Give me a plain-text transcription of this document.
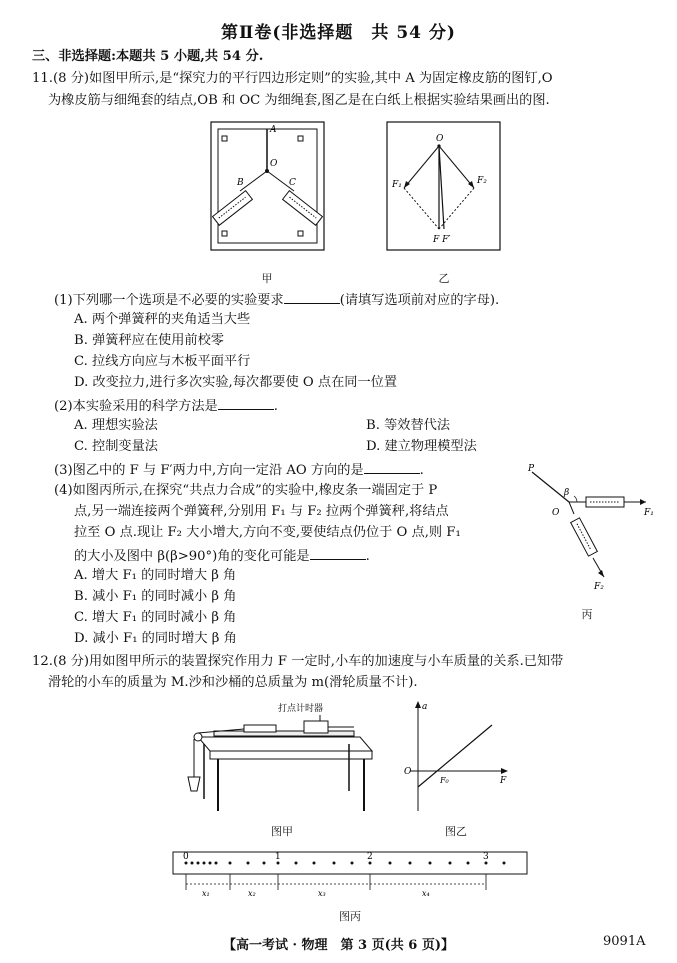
第Ⅱ卷(非选择题　共 54 分)
三、非选择题:本题共 5 小题,共 54 分.
11.(8 分)如图甲所示,是“探究力的平行四边形定则”的实验,其中 A 为固定橡皮筋的图钉,O
为橡皮筋与细绳套的结点,OB 和 OC 为细绳套,图乙是在白纸上根据实验结果画出的图.
A
O
B	C
O
F₁	F₂
F F′
甲	乙
(1)下列哪一个选项是不必要的实验要求	(请填写选项前对应的字母).
A. 两个弹簧秤的夹角适当大些
B. 弹簧秤应在使用前校零
C. 拉线方向应与木板平面平行
D. 改变拉力,进行多次实验,每次都要使 O 点在同一位置
(2)本实验采用的科学方法是	.
A. 理想实验法	B. 等效替代法
C. 控制变量法	D. 建立物理模型法
(3)图乙中的 F 与 F′两力中,方向一定沿 AO 方向的是	.
(4)如图丙所示,在探究“共点力合成”的实验中,橡皮条一端固定于 P
点,另一端连接两个弹簧秤,分别用 F₁ 与 F₂ 拉两个弹簧秤,将结点
拉至 O 点.现让 F₂ 大小增大,方向不变,要使结点仍位于 O 点,则 F₁
的大小及图中 β(β>90°)角的变化可能是	.
A. 增大 F₁ 的同时增大 β 角
B. 减小 F₁ 的同时减小 β 角
C. 增大 F₁ 的同时减小 β 角
D. 减小 F₁ 的同时增大 β 角
P
β
O	F₁
F₂
丙
12.(8 分)用如图甲所示的装置探究作用力 F 一定时,小车的加速度与小车质量的关系.已知带
滑轮的小车的质量为 M.沙和沙桶的总质量为 m(滑轮质量不计).
打点计时器	a
O
F₀	F
图甲	图乙
0	1	2	3
x₁	x₂	x₃	x₄
图丙
【高一考试 · 物理　第 3 页(共 6 页)】	9091A
